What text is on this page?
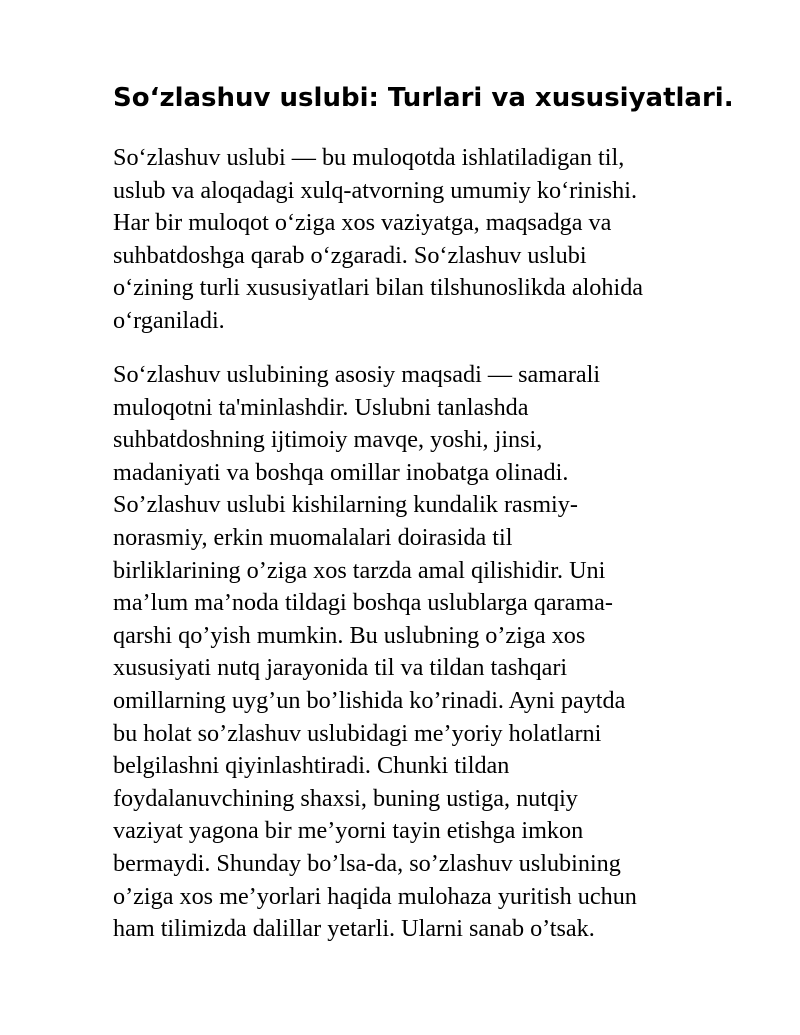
So‘zlashuv uslubi: Turlari va xususiyatlari.

So‘zlashuv uslubi — bu muloqotda ishlatiladigan til,
uslub va aloqadagi xulq-atvorning umumiy ko‘rinishi.
Har bir muloqot o‘ziga xos vaziyatga, maqsadga va
suhbatdoshga qarab o‘zgaradi. So‘zlashuv uslubi
o‘zining turli xususiyatlari bilan tilshunoslikda alohida
o‘rganiladi.

So‘zlashuv uslubining asosiy maqsadi — samarali
muloqotni ta'minlashdir. Uslubni tanlashda
suhbatdoshning ijtimoiy mavqe, yoshi, jinsi,
madaniyati va boshqa omillar inobatga olinadi.
So’zlashuv uslubi kishilarning kundalik rasmiy-
norasmiy, erkin muomalalari doirasida til
birliklarining o’ziga xos tarzda amal qilishidir. Uni
ma’lum ma’noda tildagi boshqa uslublarga qarama-
qarshi qo’yish mumkin. Bu uslubning o’ziga xos
xususiyati nutq jarayonida til va tildan tashqari
omillarning uyg’un bo’lishida ko’rinadi. Ayni paytda
bu holat so’zlashuv uslubidagi me’yoriy holatlarni
belgilashni qiyinlashtiradi. Chunki tildan
foydalanuvchining shaxsi, buning ustiga, nutqiy
vaziyat yagona bir me’yorni tayin etishga imkon
bermaydi. Shunday bo’lsa-da, so’zlashuv uslubining
o’ziga xos me’yorlari haqida mulohaza yuritish uchun
ham tilimizda dalillar yetarli. Ularni sanab o’tsak.
